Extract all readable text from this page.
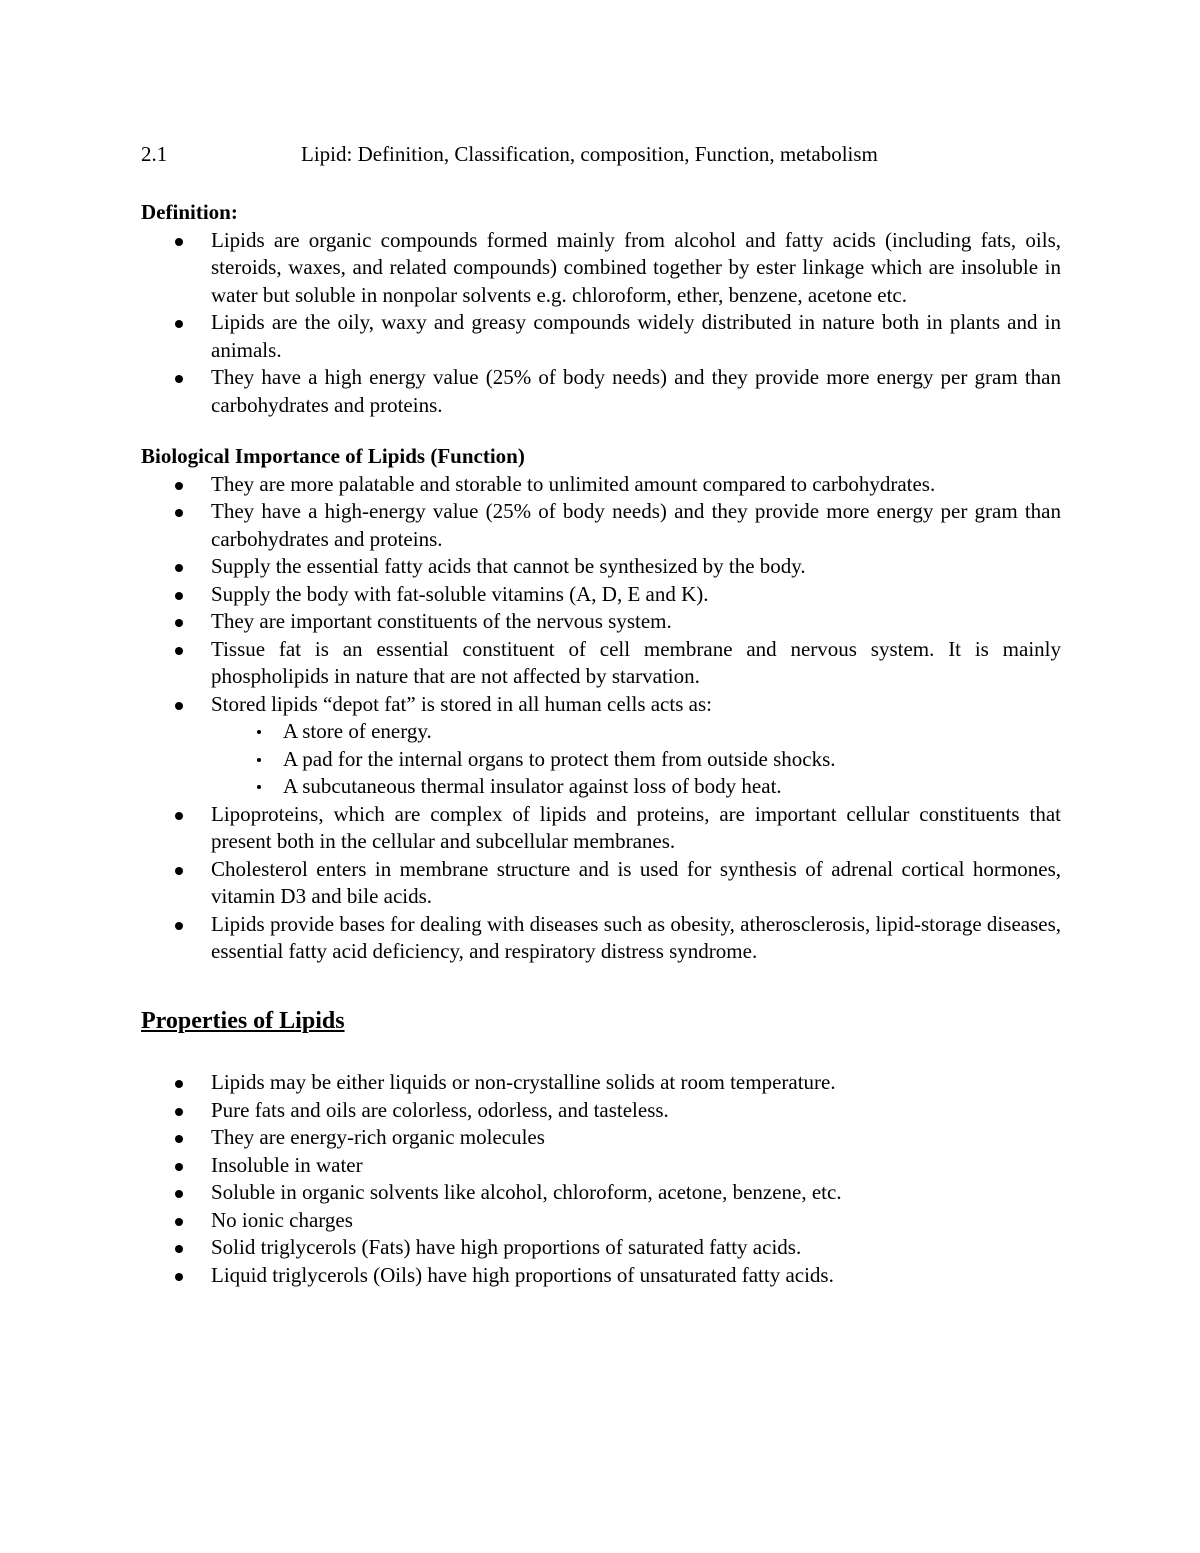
2.1	Lipid: Definition, Classification, composition, Function, metabolism
Definition:
Lipids are organic compounds formed mainly from alcohol and fatty acids (including fats, oils, steroids, waxes, and related compounds) combined together by ester linkage which are insoluble in water but soluble in nonpolar solvents e.g. chloroform, ether, benzene, acetone etc.
Lipids are the oily, waxy and greasy compounds widely distributed in nature both in plants and in animals.
They have a high energy value (25% of body needs) and they provide more energy per gram than carbohydrates and proteins.
Biological Importance of Lipids (Function)
They are more palatable and storable to unlimited amount compared to carbohydrates.
They have a high-energy value (25% of body needs) and they provide more energy per gram than carbohydrates and proteins.
Supply the essential fatty acids that cannot be synthesized by the body.
Supply the body with fat-soluble vitamins (A, D, E and K).
They are important constituents of the nervous system.
Tissue fat is an essential constituent of cell membrane and nervous system. It is mainly phospholipids in nature that are not affected by starvation.
Stored lipids “depot fat” is stored in all human cells acts as:
A store of energy.
A pad for the internal organs to protect them from outside shocks.
A subcutaneous thermal insulator against loss of body heat.
Lipoproteins, which are complex of lipids and proteins, are important cellular constituents that present both in the cellular and subcellular membranes.
Cholesterol enters in membrane structure and is used for synthesis of adrenal cortical hormones, vitamin D3 and bile acids.
Lipids provide bases for dealing with diseases such as obesity, atherosclerosis, lipid-storage diseases, essential fatty acid deficiency, and respiratory distress syndrome.
Properties of Lipids
Lipids may be either liquids or non-crystalline solids at room temperature.
Pure fats and oils are colorless, odorless, and tasteless.
They are energy-rich organic molecules
Insoluble in water
Soluble in organic solvents like alcohol, chloroform, acetone, benzene, etc.
No ionic charges
Solid triglycerols (Fats) have high proportions of saturated fatty acids.
Liquid triglycerols (Oils) have high proportions of unsaturated fatty acids.
